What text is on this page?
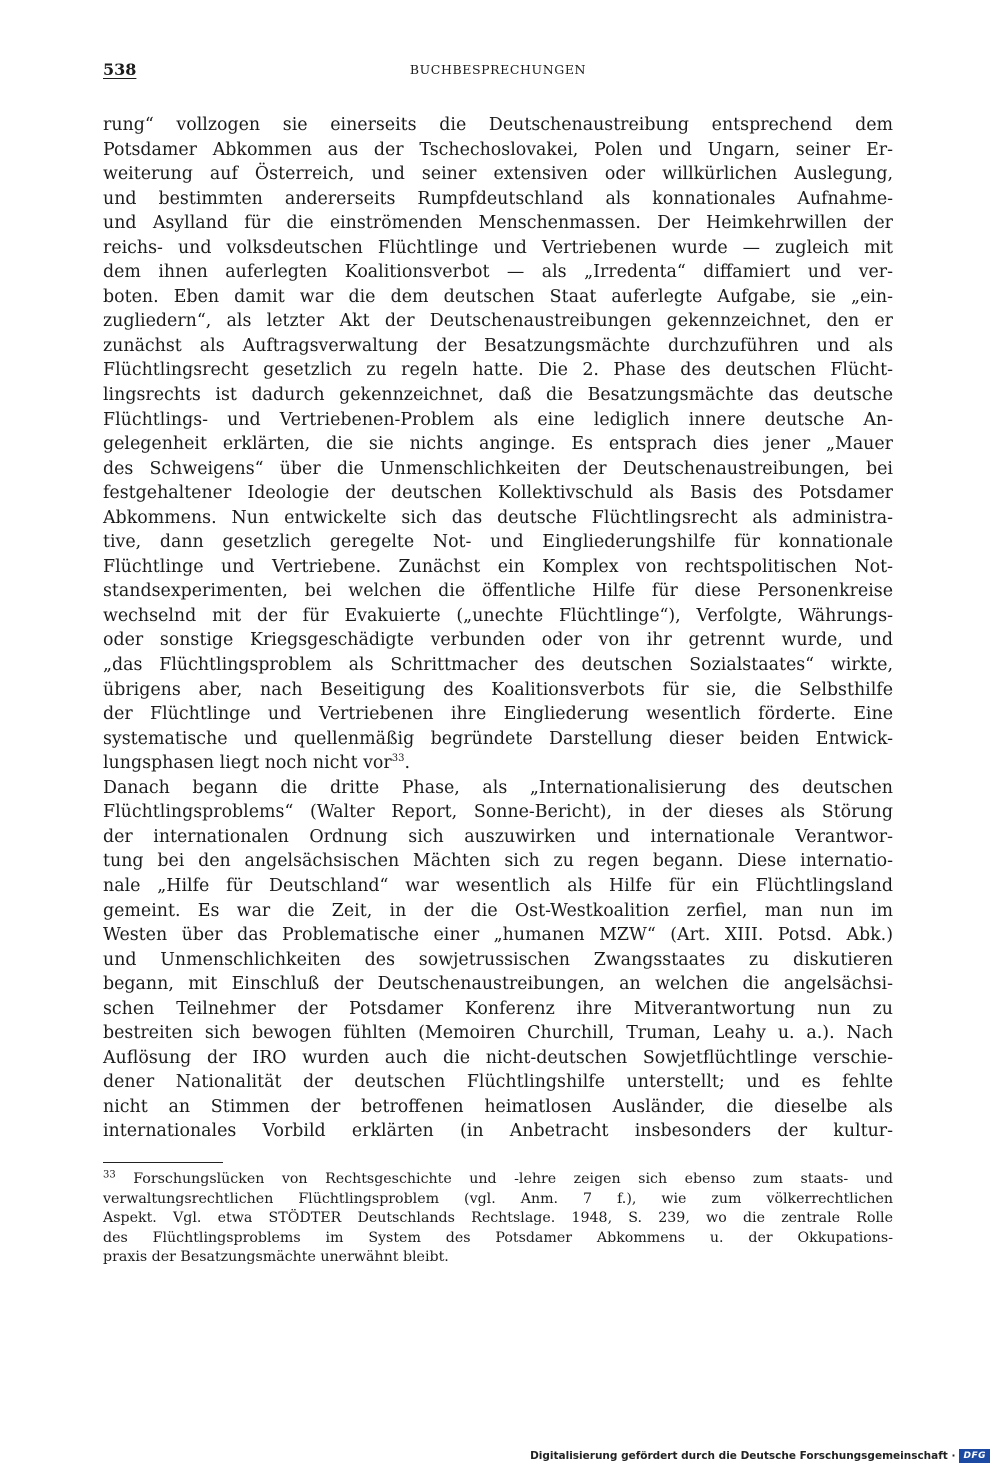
538	BUCHBESPRECHUNGEN
rung“ vollzogen sie einerseits die Deutschenaustreibung entsprechend dem
Potsdamer Abkommen aus der Tschechoslovakei, Polen und Ungarn, seiner Er-
weiterung auf Österreich, und seiner extensiven oder willkürlichen Auslegung,
und bestimmten andererseits Rumpfdeutschland als konnationales Aufnahme-
und Asylland für die einströmenden Menschenmassen. Der Heimkehrwillen der
reichs- und volksdeutschen Flüchtlinge und Vertriebenen wurde — zugleich mit
dem ihnen auferlegten Koalitionsverbot — als „Irredenta“ diffamiert und ver-
boten. Eben damit war die dem deutschen Staat auferlegte Aufgabe, sie „ein-
zugliedern“, als letzter Akt der Deutschenaustreibungen gekennzeichnet, den er
zunächst als Auftragsverwaltung der Besatzungsmächte durchzuführen und als
Flüchtlingsrecht gesetzlich zu regeln hatte. Die 2. Phase des deutschen Flücht-
lingsrechts ist dadurch gekennzeichnet, daß die Besatzungsmächte das deutsche
Flüchtlings- und Vertriebenen-Problem als eine lediglich innere deutsche An-
gelegenheit erklärten, die sie nichts anginge. Es entsprach dies jener „Mauer
des Schweigens“ über die Unmenschlichkeiten der Deutschenaustreibungen, bei
festgehaltener Ideologie der deutschen Kollektivschuld als Basis des Potsdamer
Abkommens. Nun entwickelte sich das deutsche Flüchtlingsrecht als administra-
tive, dann gesetzlich geregelte Not- und Eingliederungshilfe für konnationale
Flüchtlinge und Vertriebene. Zunächst ein Komplex von rechtspolitischen Not-
standsexperimenten, bei welchen die öffentliche Hilfe für diese Personenkreise
wechselnd mit der für Evakuierte („unechte Flüchtlinge“), Verfolgte, Währungs-
oder sonstige Kriegsgeschädigte verbunden oder von ihr getrennt wurde, und
„das Flüchtlingsproblem als Schrittmacher des deutschen Sozialstaates“ wirkte,
übrigens aber, nach Beseitigung des Koalitionsverbots für sie, die Selbsthilfe
der Flüchtlinge und Vertriebenen ihre Eingliederung wesentlich förderte. Eine
systematische und quellenmäßig begründete Darstellung dieser beiden Entwick-
lungsphasen liegt noch nicht vor$^{33}$.
Danach begann die dritte Phase, als „Internationalisierung des deutschen
Flüchtlingsproblems“ (Walter Report, Sonne-Bericht), in der dieses als Störung
der internationalen Ordnung sich auszuwirken und internationale Verantwor-
tung bei den angelsächsischen Mächten sich zu regen begann. Diese internatio-
nale „Hilfe für Deutschland“ war wesentlich als Hilfe für ein Flüchtlingsland
gemeint. Es war die Zeit, in der die Ost-Westkoalition zerfiel, man nun im
Westen über das Problematische einer „humanen MZW“ (Art. XIII. Potsd. Abk.)
und Unmenschlichkeiten des sowjetrussischen Zwangsstaates zu diskutieren
begann, mit Einschluß der Deutschenaustreibungen, an welchen die angelsächsi-
schen Teilnehmer der Potsdamer Konferenz ihre Mitverantwortung nun zu
bestreiten sich bewogen fühlten (Memoiren Churchill, Truman, Leahy u. a.). Nach
Auflösung der IRO wurden auch die nicht-deutschen Sowjetflüchtlinge verschie-
dener Nationalität der deutschen Flüchtlingshilfe unterstellt; und es fehlte
nicht an Stimmen der betroffenen heimatlosen Ausländer, die dieselbe als
internationales Vorbild erklärten (in Anbetracht insbesonders der kultur-
$^{33}$ Forschungslücken von Rechtsgeschichte und -lehre zeigen sich ebenso zum staats- und
verwaltungsrechtlichen Flüchtlingsproblem (vgl. Anm. 7 f.), wie zum völkerrechtlichen
Aspekt. Vgl. etwa STÖDTER Deutschlands Rechtslage. 1948, S. 239, wo die zentrale Rolle
des Flüchtlingsproblems im System des Potsdamer Abkommens u. der Okkupations-
praxis der Besatzungsmächte unerwähnt bleibt.
Digitalisierung gefördert durch die Deutsche Forschungsgemeinschaft · DFG
